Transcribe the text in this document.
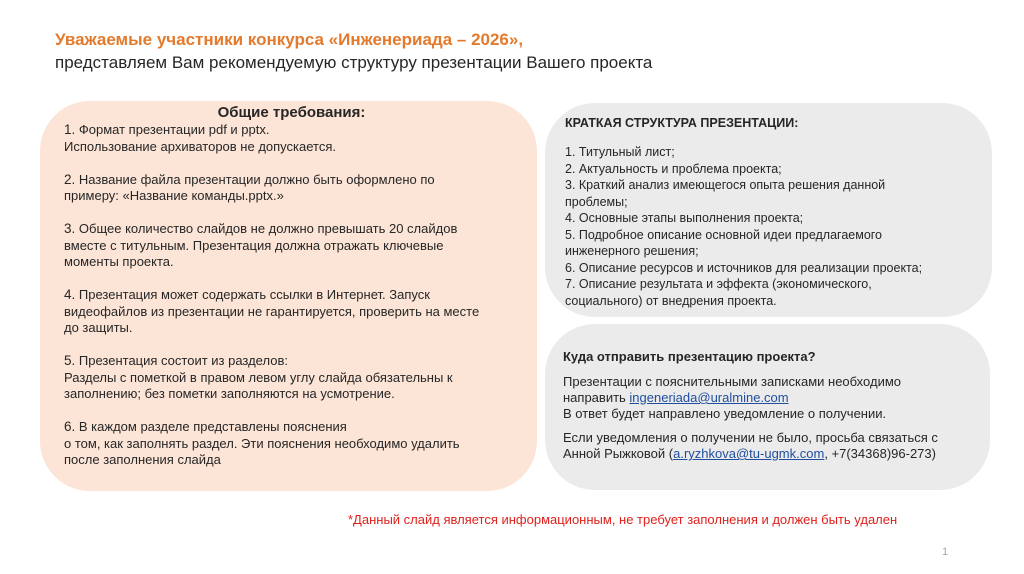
Уважаемые участники конкурса «Инженериада – 2026»,
представляем Вам рекомендуемую структуру презентации Вашего проекта
Общие требования:
1. Формат презентации pdf и pptx.
Использование архиваторов не допускается.
2. Название файла презентации должно быть оформлено по
примеру: «Название команды.pptx.»
3. Общее количество слайдов не должно превышать 20 слайдов
вместе с титульным. Презентация должна отражать ключевые
моменты проекта.
4. Презентация может содержать ссылки в Интернет. Запуск
видеофайлов из презентации не гарантируется, проверить на месте
до защиты.
5. Презентация состоит из разделов:
Разделы с пометкой в правом левом углу слайда обязательны к
заполнению; без пометки заполняются на усмотрение.
6. В каждом разделе представлены пояснения
о том, как заполнять раздел. Эти пояснения необходимо удалить
после заполнения слайда
КРАТКАЯ СТРУКТУРА ПРЕЗЕНТАЦИИ:
1. Титульный лист;
2. Актуальность и проблема проекта;
3. Краткий анализ имеющегося опыта решения данной
проблемы;
4. Основные этапы выполнения проекта;
5. Подробное описание основной идеи предлагаемого
инженерного решения;
6. Описание ресурсов и источников для реализации проекта;
7. Описание результата и эффекта (экономического,
социального) от внедрения проекта.
Куда отправить презентацию проекта?
Презентации с пояснительными записками необходимо
направить ingeneriada@uralmine.com
В ответ будет направлено уведомление о получении.
Если уведомления о получении не было, просьба связаться с
Анной Рыжковой (a.ryzhkova@tu-ugmk.com, +7(34368)96-273)
*Данный слайд является информационным, не требует заполнения и должен быть удален
1
